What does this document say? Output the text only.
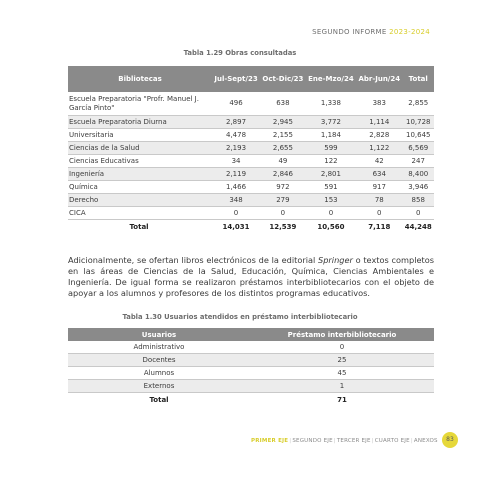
SEGUNDO INFORME 2023-2024
Tabla 1.29 Obras consultadas
Bibliotecas	Jul-Sept/23	Oct-Dic/23	Ene-Mzo/24	Abr-Jun/24	Total
Escuela Preparatoria "Profr. Manuel J. García Pinto"	496	638	1,338	383	2,855
Escuela Preparatoria Diurna	2,897	2,945	3,772	1,114	10,728
Universitaria	4,478	2,155	1,184	2,828	10,645
Ciencias de la Salud	2,193	2,655	599	1,122	6,569
Ciencias Educativas	34	49	122	42	247
Ingeniería	2,119	2,846	2,801	634	8,400
Química	1,466	972	591	917	3,946
Derecho	348	279	153	78	858
CICA	0	0	0	0	0
Total	14,031	12,539	10,560	7,118	44,248
Adicionalmente, se ofertan libros electrónicos de la editorial Springer o textos completos en las áreas de Ciencias de la Salud, Educación, Química, Ciencias Ambientales e Ingeniería. De igual forma se realizaron préstamos interbibliotecarios con el objeto de apoyar a los alumnos y profesores de los distintos programas educativos.
Tabla 1.30 Usuarios atendidos en préstamo interbibliotecario
Usuarios	Préstamo interbibliotecario
Administrativo	0
Docentes	25
Alumnos	45
Externos	1
Total	71
PRIMER EJE|SEGUNDO EJE|TERCER EJE|CUARTO EJE|ANEXOS	83
